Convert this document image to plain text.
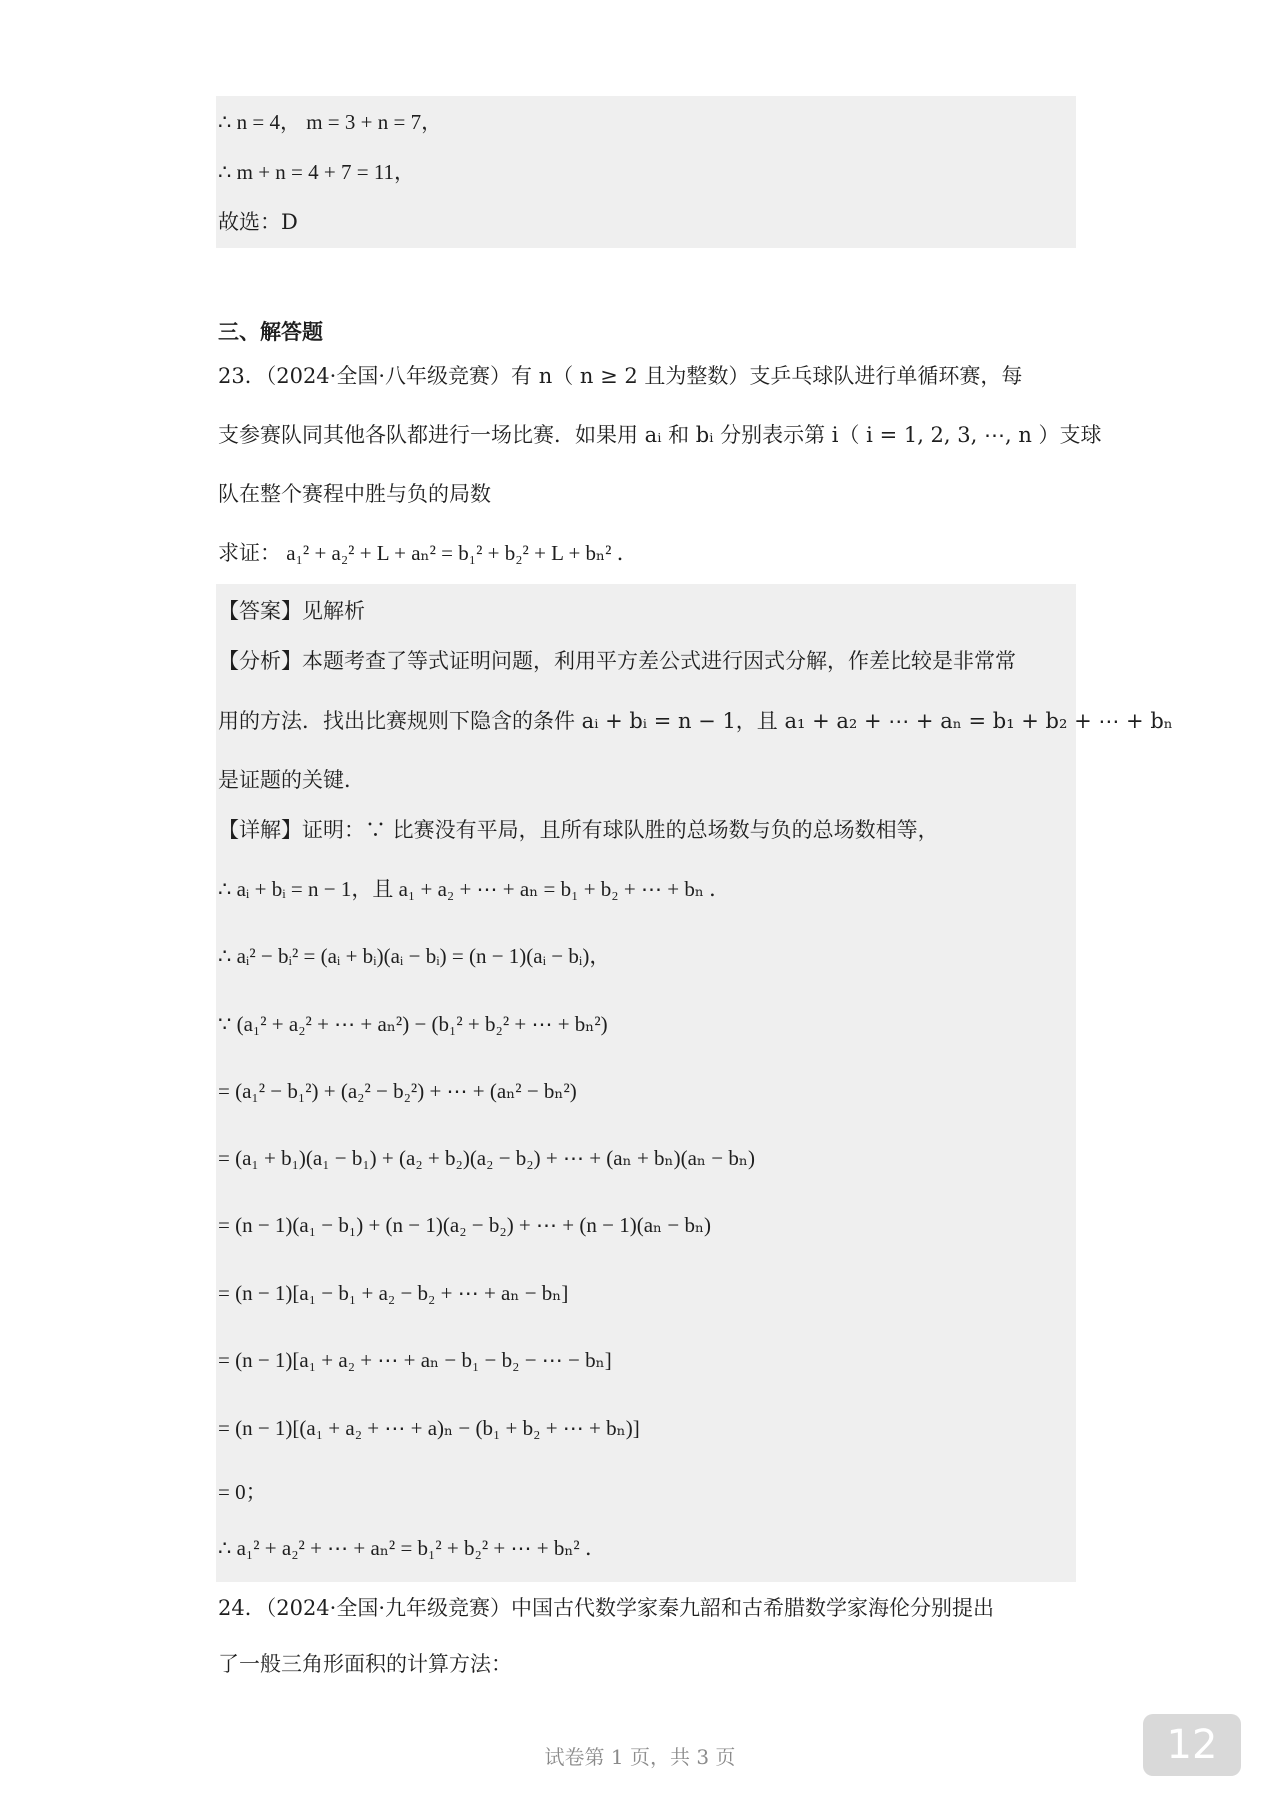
∴ n = 4， m = 3 + n = 7，
∴ m + n = 4 + 7 = 11，
故选：D
三、解答题
23．（2024·全国·八年级竞赛）有 n（ n ≥ 2 且为整数）支乒乓球队进行单循环赛，每
支参赛队同其他各队都进行一场比赛．如果用 aᵢ 和 bᵢ 分别表示第 i（ i = 1, 2, 3, ⋯, n ）支球
队在整个赛程中胜与负的局数
求证： a₁² + a₂² + L + aₙ² = b₁² + b₂² + L + bₙ² ．
【答案】见解析
【分析】本题考查了等式证明问题，利用平方差公式进行因式分解，作差比较是非常常
用的方法．找出比赛规则下隐含的条件 aᵢ + bᵢ = n − 1，且 a₁ + a₂ + ⋯ + aₙ = b₁ + b₂ + ⋯ + bₙ
是证题的关键．
【详解】证明：∵ 比赛没有平局，且所有球队胜的总场数与负的总场数相等，
∴ aᵢ + bᵢ = n − 1，且 a₁ + a₂ + ⋯ + aₙ = b₁ + b₂ + ⋯ + bₙ ．
∴ aᵢ² − bᵢ² = (aᵢ + bᵢ)(aᵢ − bᵢ) = (n − 1)(aᵢ − bᵢ)，
∵ (a₁² + a₂² + ⋯ + aₙ²) − (b₁² + b₂² + ⋯ + bₙ²)
= (a₁² − b₁²) + (a₂² − b₂²) + ⋯ + (aₙ² − bₙ²)
= (a₁ + b₁)(a₁ − b₁) + (a₂ + b₂)(a₂ − b₂) + ⋯ + (aₙ + bₙ)(aₙ − bₙ)
= (n − 1)(a₁ − b₁) + (n − 1)(a₂ − b₂) + ⋯ + (n − 1)(aₙ − bₙ)
= (n − 1)[a₁ − b₁ + a₂ − b₂ + ⋯ + aₙ − bₙ]
= (n − 1)[a₁ + a₂ + ⋯ + aₙ − b₁ − b₂ − ⋯ − bₙ]
= (n − 1)[(a₁ + a₂ + ⋯ + a)ₙ − (b₁ + b₂ + ⋯ + bₙ)]
= 0；
∴ a₁² + a₂² + ⋯ + aₙ² = b₁² + b₂² + ⋯ + bₙ² ．
24．（2024·全国·九年级竞赛）中国古代数学家秦九韶和古希腊数学家海伦分别提出
了一般三角形面积的计算方法：
试卷第 1 页，共 3 页	12
